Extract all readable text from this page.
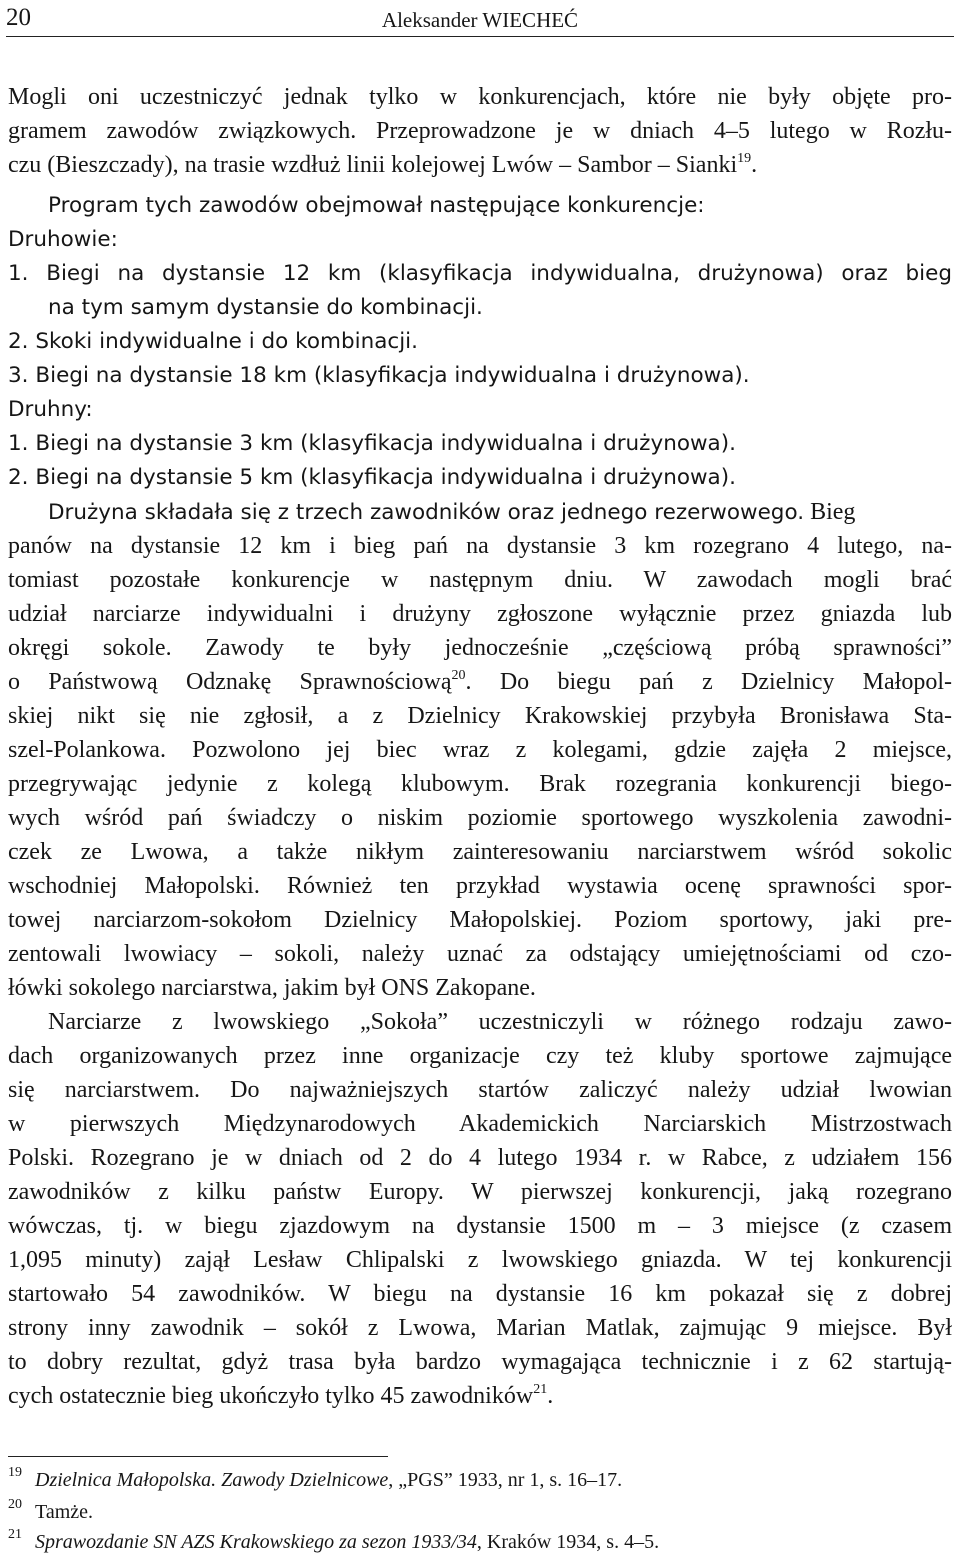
20	Aleksander WIECHEĆ
Mogli oni uczestniczyć jednak tylko w konkurencjach, które nie były objęte pro-
gramem zawodów związkowych. Przeprowadzone je w dniach 4–5 lutego w Rozłu-
czu (Bieszczady), na trasie wzdłuż linii kolejowej Lwów – Sambor – Sianki$^{19}$.
Program tych zawodów obejmował następujące konkurencje:
Druhowie:
1. Biegi na dystansie 12 km (klasyfikacja indywidualna, drużynowa) oraz bieg
na tym samym dystansie do kombinacji.
2. Skoki indywidualne i do kombinacji.
3. Biegi na dystansie 18 km (klasyfikacja indywidualna i drużynowa).
Druhny:
1. Biegi na dystansie 3 km (klasyfikacja indywidualna i drużynowa).
2. Biegi na dystansie 5 km (klasyfikacja indywidualna i drużynowa).
Drużyna składała się z trzech zawodników oraz jednego rezerwowego. Bieg
panów na dystansie 12 km i bieg pań na dystansie 3 km rozegrano 4 lutego, na-
tomiast pozostałe konkurencje w następnym dniu. W zawodach mogli brać
udział narciarze indywidualni i drużyny zgłoszone wyłącznie przez gniazda lub
okręgi sokole. Zawody te były jednocześnie „częściową próbą sprawności”
o Państwową Odznakę Sprawnościową$^{20}$. Do biegu pań z Dzielnicy Małopol-
skiej nikt się nie zgłosił, a z Dzielnicy Krakowskiej przybyła Bronisława Sta-
szel-Polankowa. Pozwolono jej biec wraz z kolegami, gdzie zajęła 2 miejsce,
przegrywając jedynie z kolegą klubowym. Brak rozegrania konkurencji biego-
wych wśród pań świadczy o niskim poziomie sportowego wyszkolenia zawodni-
czek ze Lwowa, a także nikłym zainteresowaniu narciarstwem wśród sokolic
wschodniej Małopolski. Również ten przykład wystawia ocenę sprawności spor-
towej narciarzom-sokołom Dzielnicy Małopolskiej. Poziom sportowy, jaki pre-
zentowali lwowiacy – sokoli, należy uznać za odstający umiejętnościami od czo-
łówki sokolego narciarstwa, jakim był ONS Zakopane.
Narciarze z lwowskiego „Sokoła” uczestniczyli w różnego rodzaju zawo-
dach organizowanych przez inne organizacje czy też kluby sportowe zajmujące
się narciarstwem. Do najważniejszych startów zaliczyć należy udział lwowian
w pierwszych Międzynarodowych Akademickich Narciarskich Mistrzostwach
Polski. Rozegrano je w dniach od 2 do 4 lutego 1934 r. w Rabce, z udziałem 156
zawodników z kilku państw Europy. W pierwszej konkurencji, jaką rozegrano
wówczas, tj. w biegu zjazdowym na dystansie 1500 m – 3 miejsce (z czasem
1,095 minuty) zajął Lesław Chlipalski z lwowskiego gniazda. W tej konkurencji
startowało 54 zawodników. W biegu na dystansie 16 km pokazał się z dobrej
strony inny zawodnik – sokół z Lwowa, Marian Matlak, zajmując 9 miejsce. Był
to dobry rezultat, gdyż trasa była bardzo wymagająca technicznie i z 62 startują-
cych ostatecznie bieg ukończyło tylko 45 zawodników$^{21}$.
19 Dzielnica Małopolska. Zawody Dzielnicowe, „PGS” 1933, nr 1, s. 16–17.
20 Tamże.
21 Sprawozdanie SN AZS Krakowskiego za sezon 1933/34, Kraków 1934, s. 4–5.
